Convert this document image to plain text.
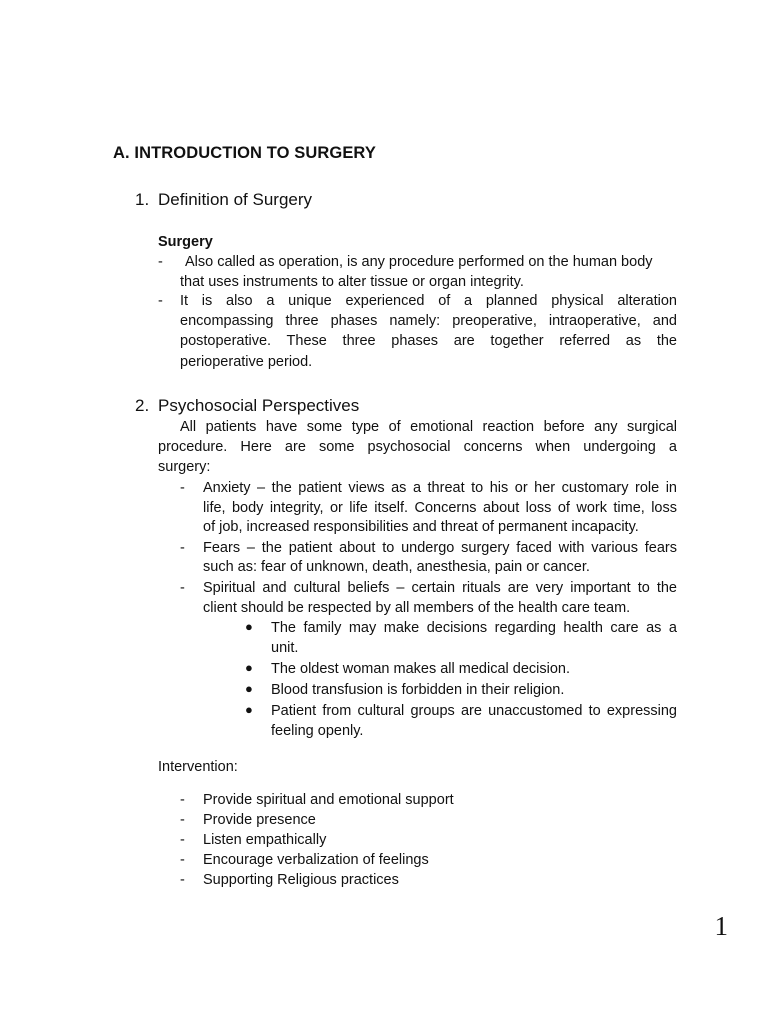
A. INTRODUCTION TO SURGERY
1. Definition of Surgery
Surgery
- Also called as operation, is any procedure performed on the human body
that uses instruments to alter tissue or organ integrity.
- It is also a unique experienced of a planned physical alteration
encompassing three phases namely: preoperative, intraoperative, and
postoperative. These three phases are together referred as the
perioperative period.
2. Psychosocial Perspectives
All patients have some type of emotional reaction before any surgical
procedure. Here are some psychosocial concerns when undergoing a
surgery:
- Anxiety – the patient views as a threat to his or her customary role in
life, body integrity, or life itself. Concerns about loss of work time, loss
of job, increased responsibilities and threat of permanent incapacity.
- Fears – the patient about to undergo surgery faced with various fears
such as: fear of unknown, death, anesthesia, pain or cancer.
- Spiritual and cultural beliefs – certain rituals are very important to the
client should be respected by all members of the health care team.
● The family may make decisions regarding health care as a
unit.
● The oldest woman makes all medical decision.
● Blood transfusion is forbidden in their religion.
● Patient from cultural groups are unaccustomed to expressing
feeling openly.
Intervention:
- Provide spiritual and emotional support
- Provide presence
- Listen empathically
- Encourage verbalization of feelings
- Supporting Religious practices
1
